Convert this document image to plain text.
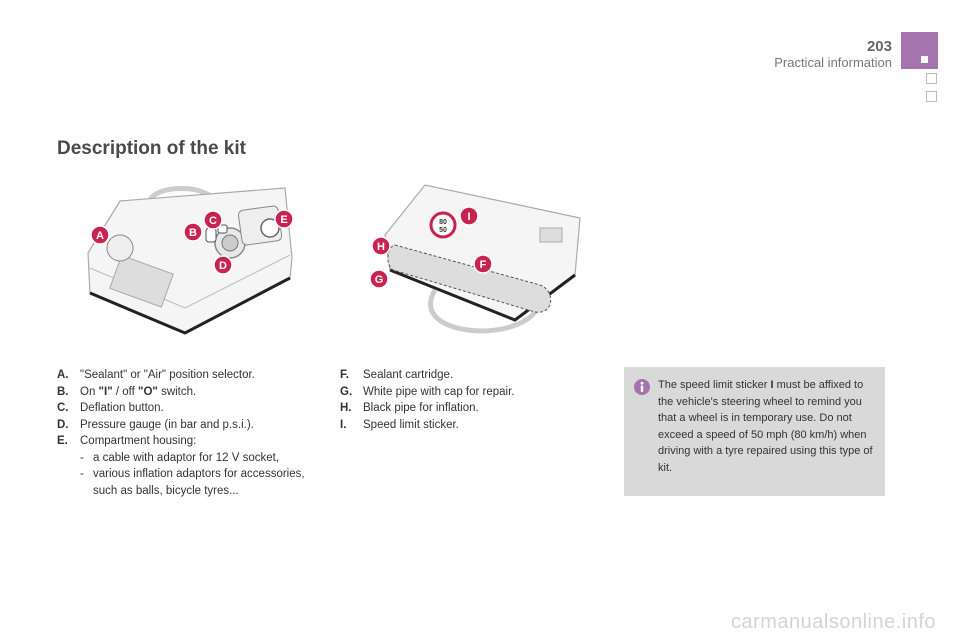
203
Practical information
Description of the kit
A	B
C
D
E	80
50
I
H
F
G
A.	"Sealant" or "Air" position selector.
B.	On "I" / off "O" switch.
C.	Deflation button.
D.	Pressure gauge (in bar and p.s.i.).
E.	Compartment housing:
- a cable with adaptor for 12 V socket,
- various inflation adaptors for accessories, such as balls, bicycle tyres...
F.	Sealant cartridge.
G. White pipe with cap for repair.
H.	Black pipe for inflation.
I.	Speed limit sticker.
The speed limit sticker I must be affixed to the vehicle's steering wheel to remind you that a wheel is in temporary use. Do not exceed a speed of 50 mph (80 km/h) when driving with a tyre repaired using this type of kit.
carmanualsonline.info
